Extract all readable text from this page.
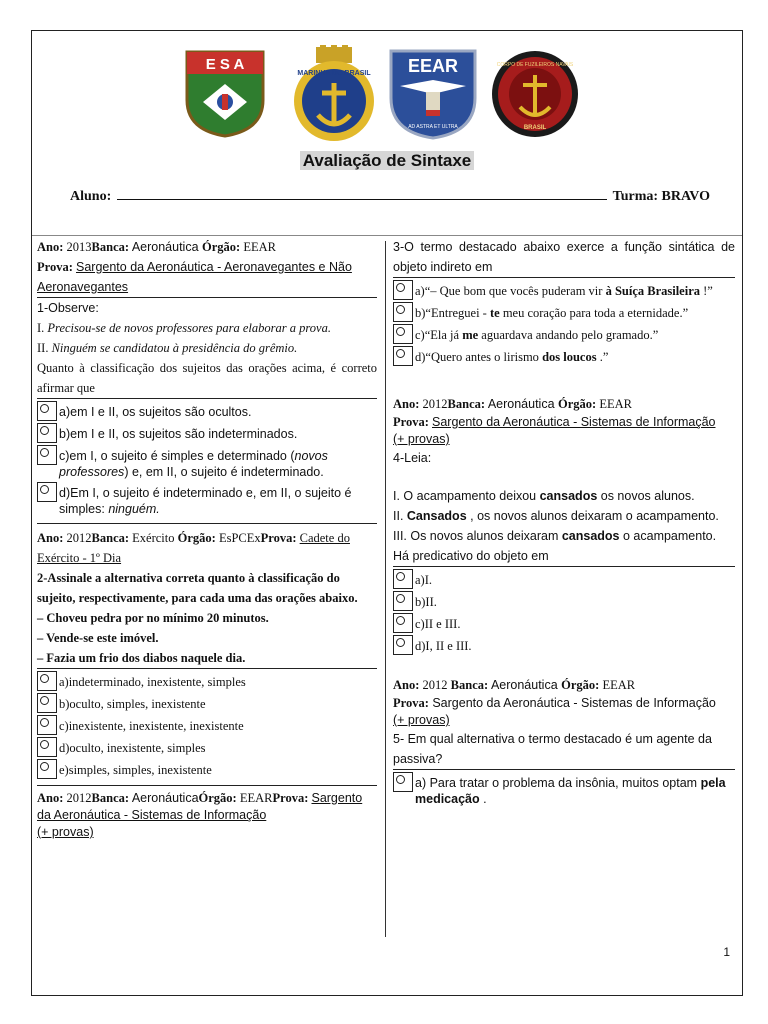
E S A
MARINHA DO BRASIL EEAR
AD ASTRA ET ULTRA
CORPO DE FUZILEIROS NAVAIS
BRASIL
Avaliação de Sintaxe
Aluno:	Turma: BRAVO
Ano: 2013Banca: Aeronáutica Órgão: EEAR
Prova: Sargento da Aeronáutica - Aeronavegantes e Não Aeronavegantes
1-Observe:
I. Precisou-se de novos professores para elaborar a prova.
II. Ninguém se candidatou à presidência do grêmio.
Quanto à classificação dos sujeitos das orações acima, é correto afirmar que
a)em I e II, os sujeitos são ocultos.
b)em I e II, os sujeitos são indeterminados.
c)em I, o sujeito é simples e determinado (novos professores) e, em II, o sujeito é indeterminado.
d)Em I, o sujeito é indeterminado e, em II, o sujeito é simples: ninguém.
Ano: 2012Banca: Exército Órgão: EsPCExProva: Cadete do Exército - 1º Dia
2-Assinale a alternativa correta quanto à classificação do sujeito, respectivamente, para cada uma das orações abaixo.
– Choveu pedra por no mínimo 20 minutos.
– Vende-se este imóvel.
– Fazia um frio dos diabos naquele dia.
a)indeterminado, inexistente, simples
b)oculto, simples, inexistente
c)inexistente, inexistente, inexistente
d)oculto, inexistente, simples
e)simples, simples, inexistente
Ano: 2012Banca: AeronáuticaÓrgão: EEARProva: Sargento da Aeronáutica - Sistemas de Informação
(+ provas)
3-O termo destacado abaixo exerce a função sintática de objeto indireto em
a)“– Que bom que vocês puderam vir à Suíça Brasileira !”
b)“Entreguei - te meu coração para toda a eternidade.”
c)“Ela já me aguardava andando pelo gramado.”
d)“Quero antes o lirismo dos loucos .”
Ano: 2012Banca: Aeronáutica Órgão: EEAR
Prova: Sargento da Aeronáutica - Sistemas de Informação
(+ provas)
4-Leia:
I. O acampamento deixou cansados os novos alunos.
II. Cansados , os novos alunos deixaram o acampamento.
III. Os novos alunos deixaram cansados o acampamento.
Há predicativo do objeto em
a)I.
b)II.
c)II e III.
d)I, II e III.
Ano: 2012 Banca: Aeronáutica Órgão: EEAR
Prova: Sargento da Aeronáutica - Sistemas de Informação
(+ provas)
5- Em qual alternativa o termo destacado é um agente da passiva?
a) Para tratar o problema da insônia, muitos optam pela medicação .
1
